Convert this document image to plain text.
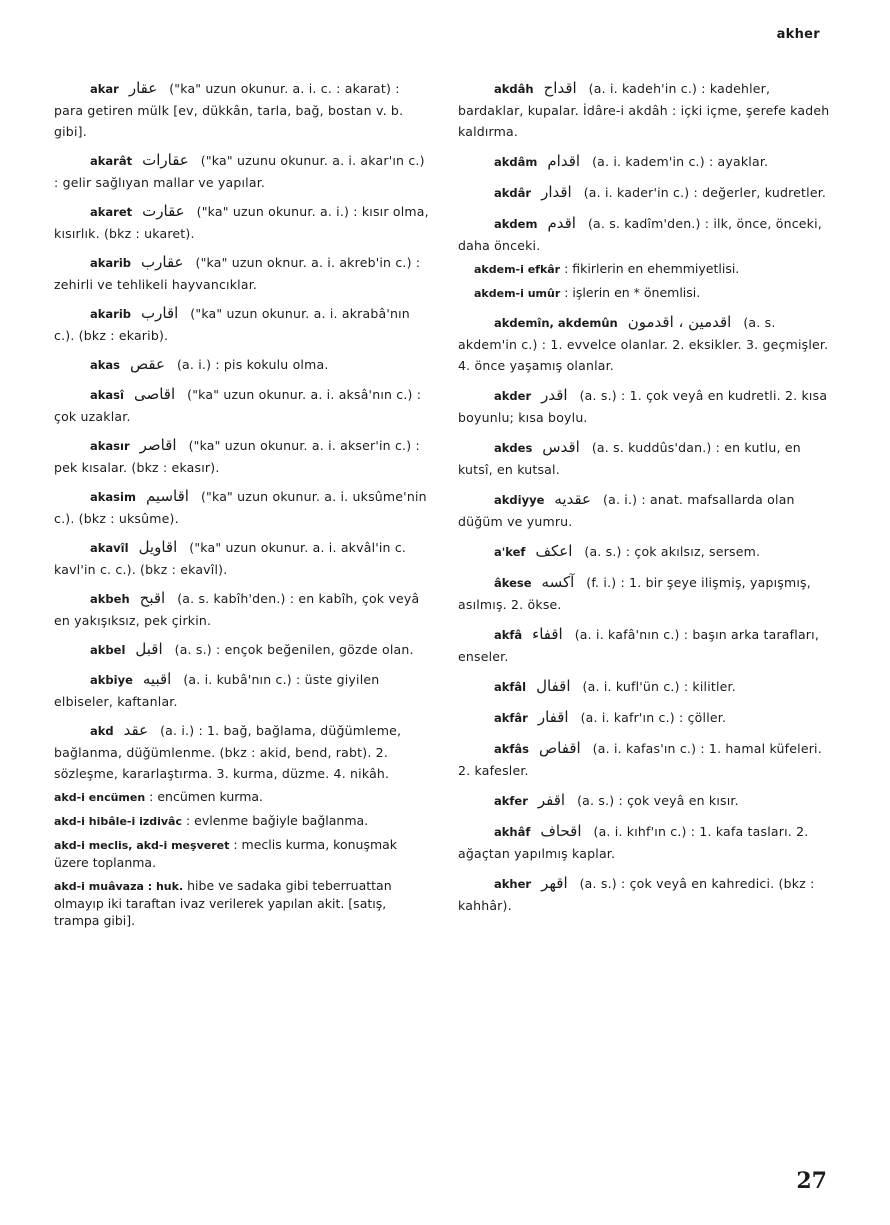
akher
akar عقار ("ka" uzun okunur. a. i. c. : akarat) : para getiren mülk [ev, dükkân, tarla, bağ, bostan v. b. gibi].
akarât عقارات ("ka" uzunu okunur. a. i. akar'ın c.) : gelir sağlıyan mallar ve yapılar.
akaret عقارت ("ka" uzun okunur. a. i.) : kısır olma, kısırlık. (bkz : ukaret).
akarib عقارب ("ka" uzun oknur. a. i. akreb'in c.) : zehirli ve tehlikeli hayvancıklar.
akarib اقارب ("ka" uzun okunur. a. i. akrabâ'nın c.). (bkz : ekarib).
akas عقص (a. i.) : pis kokulu olma.
akasî اقاصى ("ka" uzun okunur. a. i. aksâ'nın c.) : çok uzaklar.
akasır اقاصر ("ka" uzun okunur. a. i. akser'in c.) : pek kısalar. (bkz : ekasır).
akasim اقاسيم ("ka" uzun okunur. a. i. uksûme'nin c.). (bkz : uksûme).
akavîl اقاويل ("ka" uzun okunur. a. i. akvâl'in c. kavl'in c. c.). (bkz : ekavîl).
akbeh اقبح (a. s. kabîh'den.) : en kabîh, çok veyâ en yakışıksız, pek çirkin.
akbel اقبل (a. s.) : ençok beğenilen, gözde olan.
akbiye اقبيه (a. i. kubâ'nın c.) : üste giyilen elbiseler, kaftanlar.
akd عقد (a. i.) : 1. bağ, bağlama, düğümleme, bağlanma, düğümlenme. (bkz : akid, bend, rabt). 2. sözleşme, kararlaştırma. 3. kurma, düzme. 4. nikâh.
akd-i encümen : encümen kurma.
akd-i hibâle-i izdivâc : evlenme bağiyle bağlanma.
akd-i meclis, akd-i meşveret : meclis kurma, konuşmak üzere toplanma.
akd-i muâvaza : huk. hibe ve sadaka gibi teberruattan olmayıp iki taraftan ivaz verilerek yapılan akit. [satış, trampa gibi].
akdâh اقداح (a. i. kadeh'in c.) : kadehler, bardaklar, kupalar. İdâre-i akdâh : içki içme, şerefe kadeh kaldırma.
akdâm اقدام (a. i. kadem'in c.) : ayaklar.
akdâr اقدار (a. i. kader'in c.) : değerler, kudretler.
akdem اقدم (a. s. kadîm'den.) : ilk, önce, önceki, daha önceki.
akdem-i efkâr : fikirlerin en ehemmiyetlisi.
akdem-i umûr : işlerin en * önemlisi.
akdemîn, akdemûn اقدمين ، اقدمون (a. s. akdem'in c.) : 1. evvelce olanlar. 2. eksikler. 3. geçmişler. 4. önce yaşamış olanlar.
akder اقدر (a. s.) : 1. çok veyâ en kudretli. 2. kısa boyunlu; kısa boylu.
akdes اقدس (a. s. kuddûs'dan.) : en kutlu, en kutsî, en kutsal.
akdiyye عقديه (a. i.) : anat. mafsallarda olan düğüm ve yumru.
a'kef اعكف (a. s.) : çok akılsız, sersem.
âkese آكسه (f. i.) : 1. bir şeye ilişmiş, yapışmış, asılmış. 2. ökse.
akfâ اقفاء (a. i. kafâ'nın c.) : başın arka tarafları, enseler.
akfâl اقفال (a. i. kufl'ün c.) : kilitler.
akfâr اقفار (a. i. kafr'ın c.) : çöller.
akfâs اقفاص (a. i. kafas'ın c.) : 1. hamal küfeleri. 2. kafesler.
akfer اقفر (a. s.) : çok veyâ en kısır.
akhâf اقحاف (a. i. kıhf'ın c.) : 1. kafa tasları. 2. ağaçtan yapılmış kaplar.
akher اقهر (a. s.) : çok veyâ en kahredici. (bkz : kahhâr).
27
